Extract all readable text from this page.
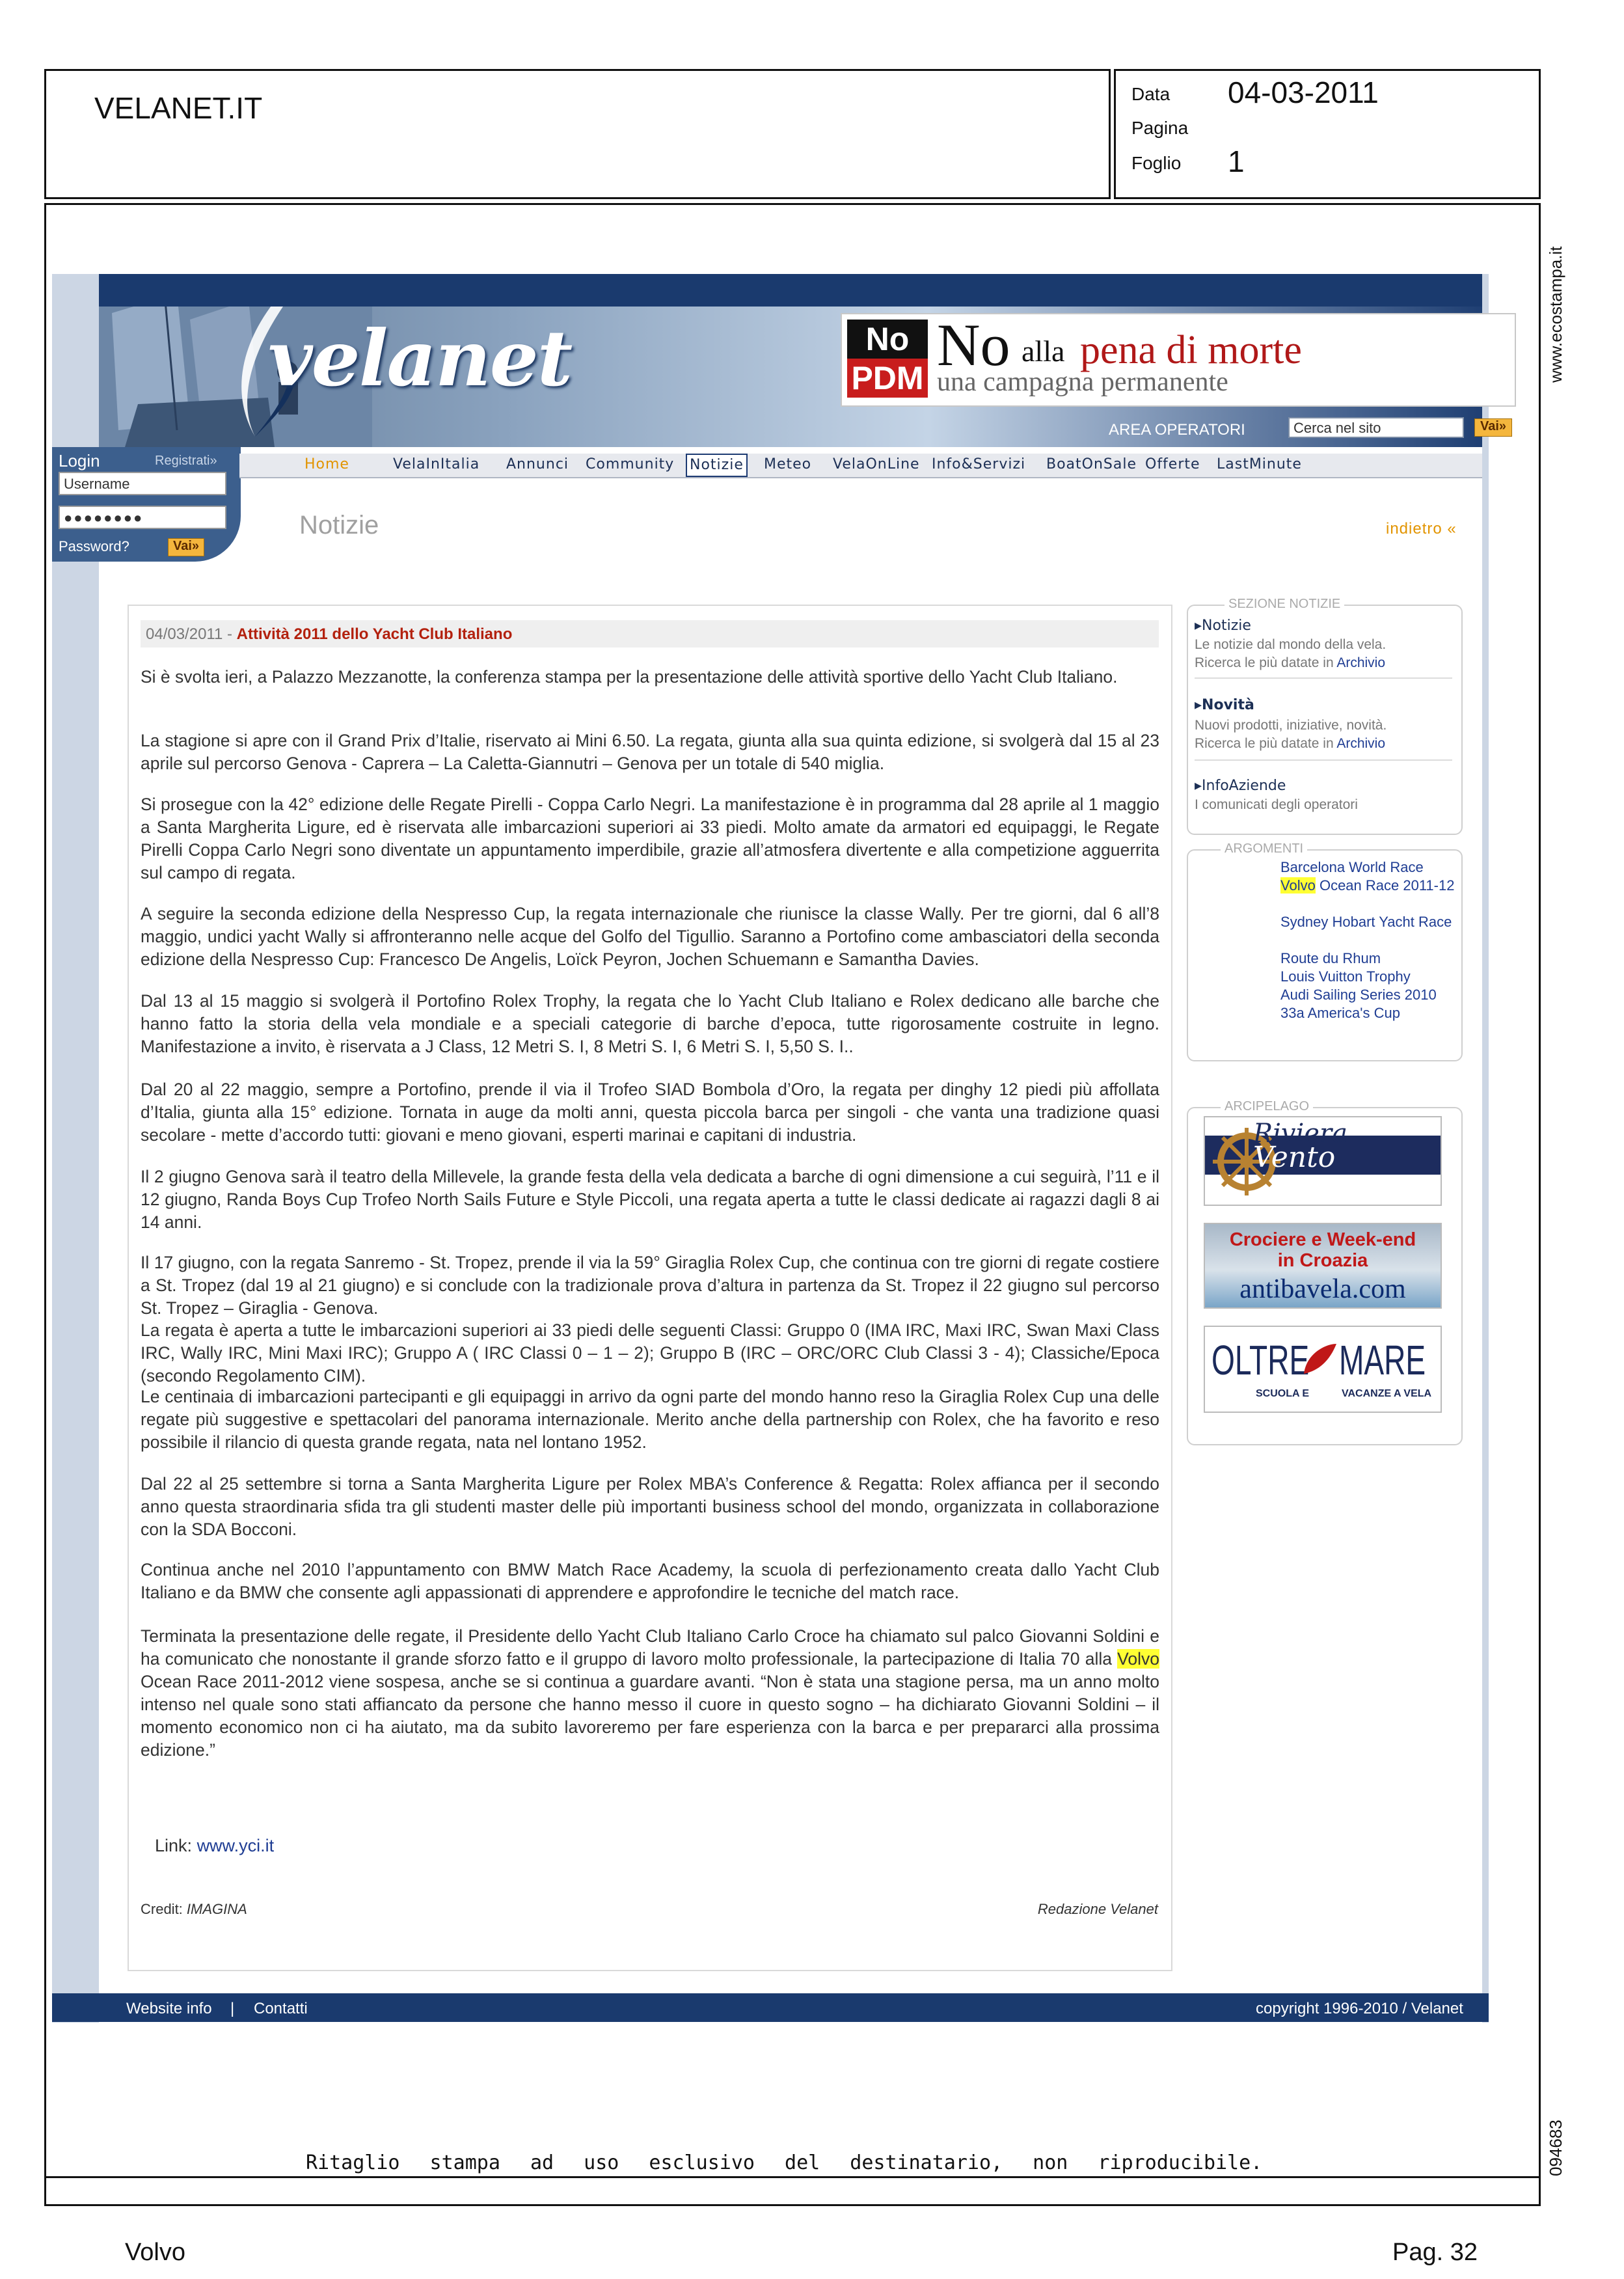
VELANET.IT	Data 04-03-2011
Pagina
Foglio 1
www.ecostampa.it
094683
velanet	No
PDM No alla pena di morte
una campagna permanente
AREA OPERATORI	Cerca nel sito	Vai»
Login	Registrati»
Username
●●●●●●●●
Password?	Vai»
Home	VelaInItalia Annunci Community Notizie Meteo VelaOnLine Info&Servizi BoatOnSale Offerte LastMinute
Notizie	indietro «
04/03/2011 - Attività 2011 dello Yacht Club Italiano
Si è svolta ieri, a Palazzo Mezzanotte, la conferenza stampa per la presentazione delle attività sportive dello Yacht Club Italiano.
La stagione si apre con il Grand Prix d’Italie, riservato ai Mini 6.50. La regata, giunta alla sua quinta edizione, si svolgerà dal 15 al 23 aprile sul percorso Genova - Caprera – La Caletta-Giannutri – Genova per un totale di 540 miglia.
Si prosegue con la 42° edizione delle Regate Pirelli - Coppa Carlo Negri. La manifestazione è in programma dal 28 aprile al 1 maggio a Santa Margherita Ligure, ed è riservata alle imbarcazioni superiori ai 33 piedi. Molto amate da armatori ed equipaggi, le Regate Pirelli Coppa Carlo Negri sono diventate un appuntamento imperdibile, grazie all’atmosfera divertente e alla competizione agguerrita sul campo di regata.
A seguire la seconda edizione della Nespresso Cup, la regata internazionale che riunisce la classe Wally. Per tre giorni, dal 6 all’8 maggio, undici yacht Wally si affronteranno nelle acque del Golfo del Tigullio. Saranno a Portofino come ambasciatori della seconda edizione della Nespresso Cup: Francesco De Angelis, Loïck Peyron, Jochen Schuemann e Samantha Davies.
Dal 13 al 15 maggio si svolgerà il Portofino Rolex Trophy, la regata che lo Yacht Club Italiano e Rolex dedicano alle barche che hanno fatto la storia della vela mondiale e a speciali categorie di barche d’epoca, tutte rigorosamente costruite in legno. Manifestazione a invito, è riservata a J Class, 12 Metri S. I, 8 Metri S. I, 6 Metri S. I, 5,50 S. I..
Dal 20 al 22 maggio, sempre a Portofino, prende il via il Trofeo SIAD Bombola d’Oro, la regata per dinghy 12 piedi più affollata d’Italia, giunta alla 15° edizione. Tornata in auge da molti anni, questa piccola barca per singoli - che vanta una tradizione quasi secolare - mette d’accordo tutti: giovani e meno giovani, esperti marinai e capitani di industria.
Il 2 giugno Genova sarà il teatro della Millevele, la grande festa della vela dedicata a barche di ogni dimensione a cui seguirà, l’11 e il 12 giugno, Randa Boys Cup Trofeo North Sails Future e Style Piccoli, una regata aperta a tutte le classi dedicate ai ragazzi dagli 8 ai 14 anni.
Il 17 giugno, con la regata Sanremo - St. Tropez, prende il via la 59° Giraglia Rolex Cup, che continua con tre giorni di regate costiere a St. Tropez (dal 19 al 21 giugno) e si conclude con la tradizionale prova d’altura in partenza da St. Tropez il 22 giugno sul percorso St. Tropez – Giraglia - Genova.
La regata è aperta a tutte le imbarcazioni superiori ai 33 piedi delle seguenti Classi: Gruppo 0 (IMA IRC, Maxi IRC, Swan Maxi Class IRC, Wally IRC, Mini Maxi IRC); Gruppo A ( IRC Classi 0 – 1 – 2); Gruppo B (IRC – ORC/ORC Club Classi 3 - 4); Classiche/Epoca (secondo Regolamento CIM).
Le centinaia di imbarcazioni partecipanti e gli equipaggi in arrivo da ogni parte del mondo hanno reso la Giraglia Rolex Cup una delle regate più suggestive e spettacolari del panorama internazionale. Merito anche della partnership con Rolex, che ha favorito e reso possibile il rilancio di questa grande regata, nata nel lontano 1952.
Dal 22 al 25 settembre si torna a Santa Margherita Ligure per Rolex MBA’s Conference & Regatta: Rolex affianca per il secondo anno questa straordinaria sfida tra gli studenti master delle più importanti business school del mondo, organizzata in collaborazione con la SDA Bocconi.
Continua anche nel 2010 l’appuntamento con BMW Match Race Academy, la scuola di perfezionamento creata dallo Yacht Club Italiano e da BMW che consente agli appassionati di apprendere e approfondire le tecniche del match race.
Terminata la presentazione delle regate, il Presidente dello Yacht Club Italiano Carlo Croce ha chiamato sul palco Giovanni Soldini e ha comunicato che nonostante il grande sforzo fatto e il gruppo di lavoro molto professionale, la partecipazione di Italia 70 alla Volvo Ocean Race 2011-2012 viene sospesa, anche se si continua a guardare avanti. “Non è stata una stagione persa, ma un anno molto intenso nel quale sono stati affiancato da persone che hanno messo il cuore in questo sogno – ha dichiarato Giovanni Soldini – il momento economico non ci ha aiutato, ma da subito lavoreremo per fare esperienza con la barca e per prepararci alla prossima edizione.”
Link: www.yci.it
Credit: IMAGINA	Redazione Velanet
SEZIONE NOTIZIE
▸Notizie
Le notizie dal mondo della vela.
Ricerca le più datate in Archivio
▸Novità
Nuovi prodotti, iniziative, novità.
Ricerca le più datate in Archivio
▸InfoAziende
I comunicati degli operatori
ARGOMENTI
Barcelona World Race
Volvo Ocean Race 2011-12
Sydney Hobart Yacht Race
Route du Rhum
Louis Vuitton Trophy
Audi Sailing Series 2010
33a America's Cup
ARCIPELAGO
Riviera
Vento
Crociere e Week-end
in Croazia
antibavela.com
OLTRE MARE
SCUOLA E	VACANZE A VELA
Website info | Contatti	copyright 1996-2010 / Velanet
Ritaglio stampa ad uso esclusivo del destinatario, non riproducibile.
Volvo	Pag. 32
